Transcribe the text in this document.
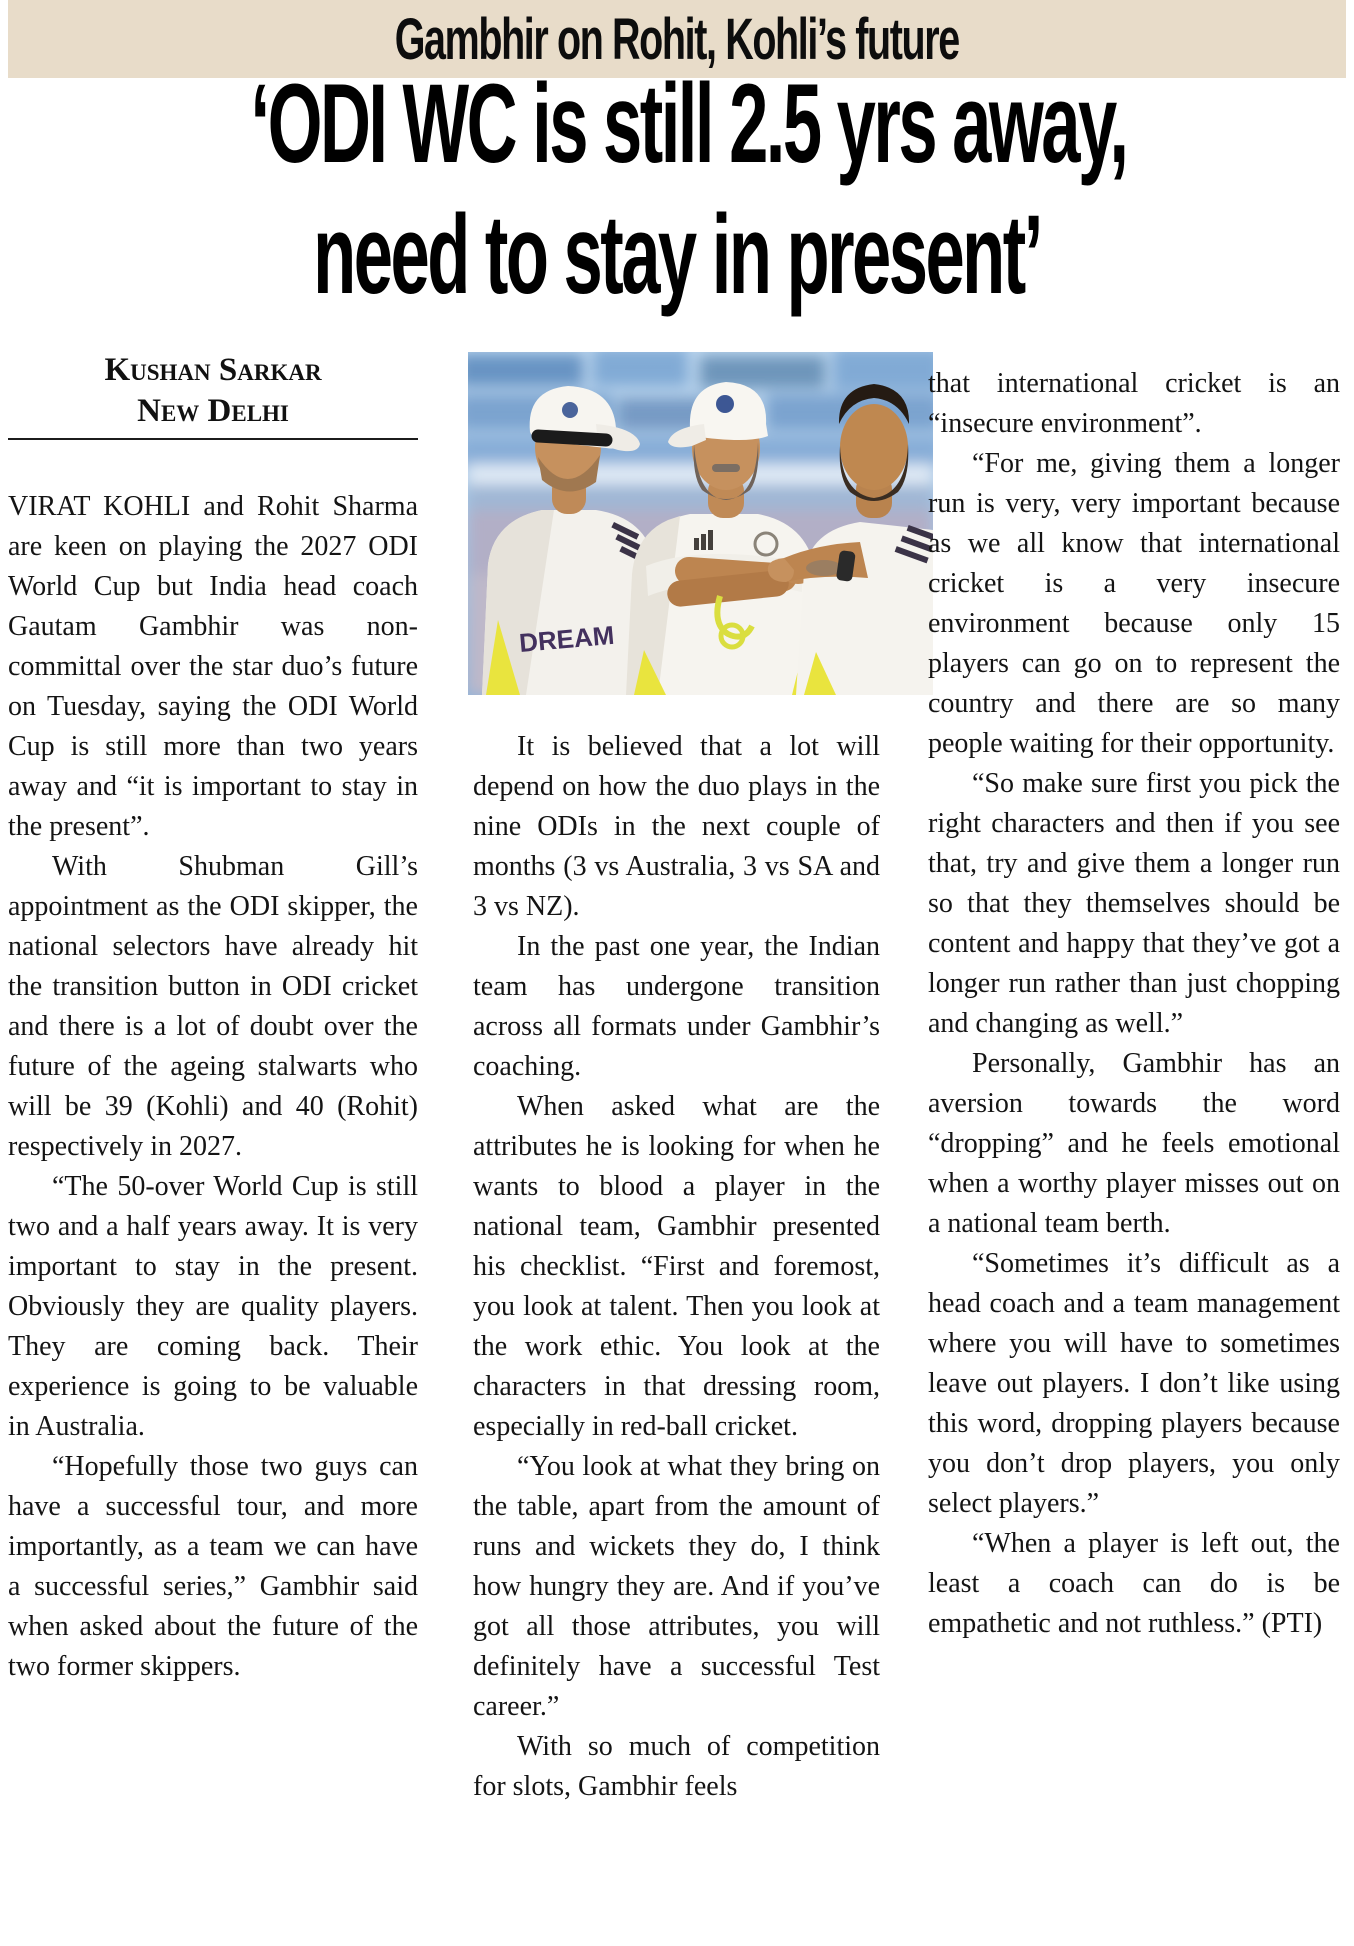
Gambhir on Rohit, Kohli’s future
‘ODI WC is still 2.5 yrs away,
need to stay in present’
Kushan Sarkar
New Delhi
DREAM

VIRAT KOHLI and Rohit Sharma are keen on playing the 2027 ODI World Cup but India head coach Gautam Gambhir was non-committal over the star duo’s future on Tuesday, saying the ODI World Cup is still more than two years away and “it is important to stay in the present”.

With Shubman Gill’s appointment as the ODI skipper, the national selectors have already hit the transition button in ODI cricket and there is a lot of doubt over the future of the ageing stalwarts who will be 39 (Kohli) and 40 (Rohit) respectively in 2027.

“The 50-over World Cup is still two and a half years away. It is very important to stay in the present. Obviously they are quality players. They are coming back. Their experience is going to be valuable in Australia.

“Hopefully those two guys can have a successful tour, and more importantly, as a team we can have a successful series,” Gambhir said when asked about the future of the two former skippers.

It is believed that a lot will depend on how the duo plays in the nine ODIs in the next couple of months (3 vs Australia, 3 vs SA and 3 vs NZ).

In the past one year, the Indian team has undergone transition across all formats under Gambhir’s coaching.

When asked what are the attributes he is looking for when he wants to blood a player in the national team, Gambhir presented his checklist. “First and foremost, you look at talent. Then you look at the work ethic. You look at the characters in that dressing room, especially in red-ball cricket.

“You look at what they bring on the table, apart from the amount of runs and wickets they do, I think how hungry they are. And if you’ve got all those attributes, you will definitely have a successful Test career.”

With so much of competition for slots, Gambhir feels

that international cricket is an “insecure environment”.

“For me, giving them a longer run is very, very important because as we all know that international cricket is a very insecure environment because only 15 players can go on to represent the country and there are so many people waiting for their opportunity.

“So make sure first you pick the right characters and then if you see that, try and give them a longer run so that they themselves should be content and happy that they’ve got a longer run rather than just chopping and changing as well.”

Personally, Gambhir has an aversion towards the word “dropping” and he feels emotional when a worthy player misses out on a national team berth.

“Sometimes it’s difficult as a head coach and a team management where you will have to sometimes leave out players. I don’t like using this word, dropping players because you don’t drop players, you only select players.”

“When a player is left out, the least a coach can do is be empathetic and not ruthless.” (PTI)
